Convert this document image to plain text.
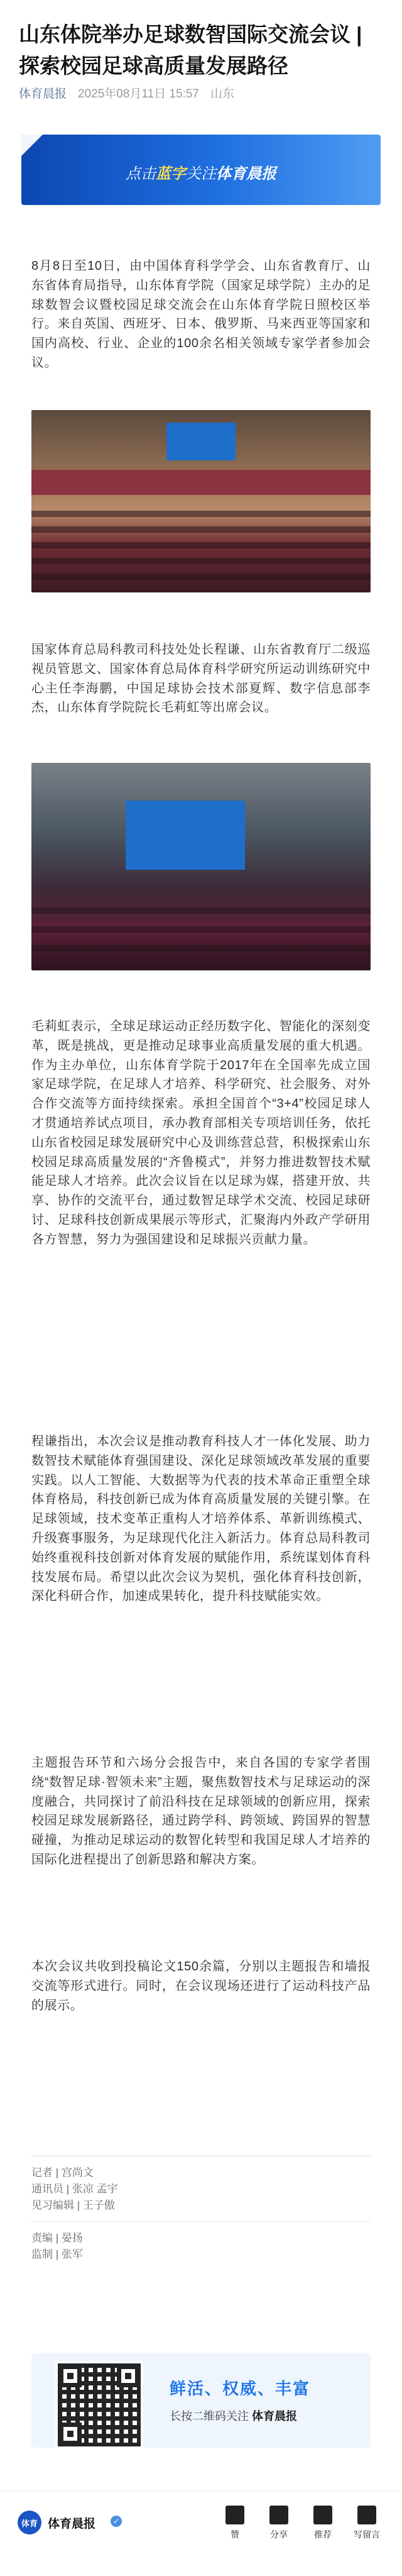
山东体院举办足球数智国际交流会议 | 探索校园足球高质量发展路径
体育晨报 2025年08月11日 15:57 山东
点击 蓝字 关注 体育晨报

8月8日至10日，由中国体育科学学会、山东省教育厅、山东省体育局指导，山东体育学院（国家足球学院）主办的足球数智会议暨校园足球交流会在山东体育学院日照校区举行。来自英国、西班牙、日本、俄罗斯、马来西亚等国家和国内高校、行业、企业的100余名相关领域专家学者参加会议。

国家体育总局科教司科技处处长程谦、山东省教育厅二级巡视员管恩文、国家体育总局体育科学研究所运动训练研究中心主任李海鹏，中国足球协会技术部夏辉、数字信息部李杰，山东体育学院院长毛莉虹等出席会议。

毛莉虹表示，全球足球运动正经历数字化、智能化的深刻变革，既是挑战，更是推动足球事业高质量发展的重大机遇。作为主办单位，山东体育学院于2017年在全国率先成立国家足球学院，在足球人才培养、科学研究、社会服务、对外合作交流等方面持续探索。承担全国首个“3+4”校园足球人才贯通培养试点项目，承办教育部相关专项培训任务，依托山东省校园足球发展研究中心及训练营总营，积极探索山东校园足球高质量发展的“齐鲁模式”，并努力推进数智技术赋能足球人才培养。此次会议旨在以足球为媒，搭建开放、共享、协作的交流平台，通过数智足球学术交流、校园足球研讨、足球科技创新成果展示等形式，汇聚海内外政产学研用各方智慧，努力为强国建设和足球振兴贡献力量。

程谦指出，本次会议是推动教育科技人才一体化发展、助力数智技术赋能体育强国建设、深化足球领域改革发展的重要实践。以人工智能、大数据等为代表的技术革命正重塑全球体育格局，科技创新已成为体育高质量发展的关键引擎。在足球领域，技术变革正重构人才培养体系、革新训练模式、升级赛事服务，为足球现代化注入新活力。体育总局科教司始终重视科技创新对体育发展的赋能作用，系统谋划体育科技发展布局。希望以此次会议为契机，强化体育科技创新，深化科研合作，加速成果转化，提升科技赋能实效。

主题报告环节和六场分会报告中，来自各国的专家学者围绕“数智足球·智领未来”主题，聚焦数智技术与足球运动的深度融合，共同探讨了前沿科技在足球领域的创新应用，探索校园足球发展新路径，通过跨学科、跨领域、跨国界的智慧碰撞，为推动足球运动的数智化转型和我国足球人才培养的国际化进程提出了创新思路和解决方案。

本次会议共收到投稿论文150余篇，分别以主题报告和墙报交流等形式进行。同时，在会议现场还进行了运动科技产品的展示。

记者 | 宫尚文
通讯员 | 张凉 孟宇
见习编辑 | 王子傲
责编 | 晏扬
监制 | 张军
鲜活、权威、丰富
长按二维码关注 体育晨报
体育 体育晨报	✓
赞	分享	推荐	写留言
